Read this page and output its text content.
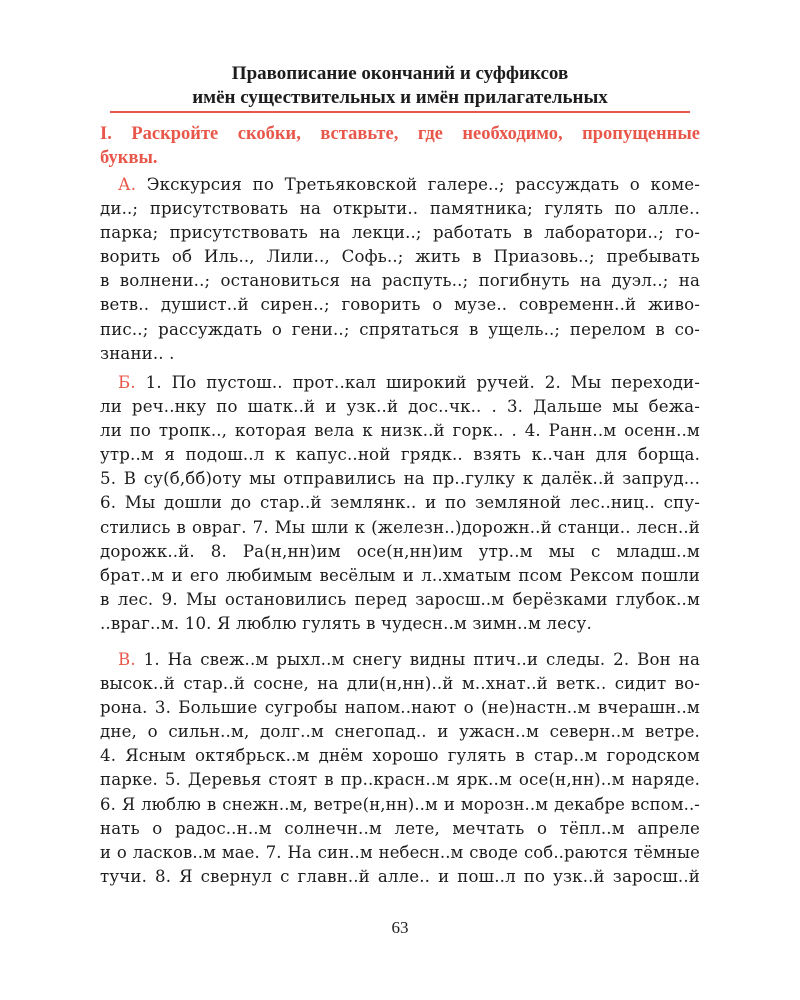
Правописание окончаний и суффиксов
имён существительных и имён прилагательных
I. Раскройте скобки, вставьте, где необходимо, пропущенные
буквы.
А. Экскурсия по Третьяковской галере..; рассуждать о коме-
ди..; присутствовать на открыти.. памятника; гулять по алле..
парка; присутствовать на лекци..; работать в лаборатори..; го-
ворить об Иль.., Лили.., Софь..; жить в Приазовь..; пребывать
в волнени..; остановиться на распуть..; погибнуть на дуэл..; на
ветв.. душист..й сирен..; говорить о музе.. современн..й живо-
пис..; рассуждать о гени..; спрятаться в ущель..; перелом в со-
знани.. .
Б. 1. По пустош.. прот..кал широкий ручей. 2. Мы переходи-
ли реч..нку по шатк..й и узк..й дос..чк.. . 3. Дальше мы бежа-
ли по тропк.., которая вела к низк..й горк.. . 4. Ранн..м осенн..м
утр..м я подош..л к капус..ной грядк.. взять к..чан для борща.
5. В су(б,бб)оту мы отправились на пр..гулку к далёк..й запруд...
6. Мы дошли до стар..й землянк.. и по земляной лес..ниц.. спу-
стились в овраг. 7. Мы шли к (железн..)дорожн..й станци.. лесн..й
дорожк..й. 8. Ра(н,нн)им осе(н,нн)им утр..м мы с младш..м
брат..м и его любимым весёлым и л..хматым псом Рексом пошли
в лес. 9. Мы остановились перед заросш..м берёзками глубок..м
..враг..м. 10. Я люблю гулять в чудесн..м зимн..м лесу.
В. 1. На свеж..м рыхл..м снегу видны птич..и следы. 2. Вон на
высок..й стар..й сосне, на дли(н,нн)..й м..хнат..й ветк.. сидит во-
рона. 3. Большие сугробы напом..нают о (не)настн..м вчерашн..м
дне, о сильн..м, долг..м снегопад.. и ужасн..м северн..м ветре.
4. Ясным октябрьск..м днём хорошо гулять в стар..м городском
парке. 5. Деревья стоят в пр..красн..м ярк..м осе(н,нн)..м наряде.
6. Я люблю в снежн..м, ветре(н,нн)..м и морозн..м декабре вспом..-
нать о радос..н..м солнечн..м лете, мечтать о тёпл..м апреле
и о ласков..м мае. 7. На син..м небесн..м своде соб..раются тёмные
тучи. 8. Я свернул с главн..й алле.. и пош..л по узк..й заросш..й
63
